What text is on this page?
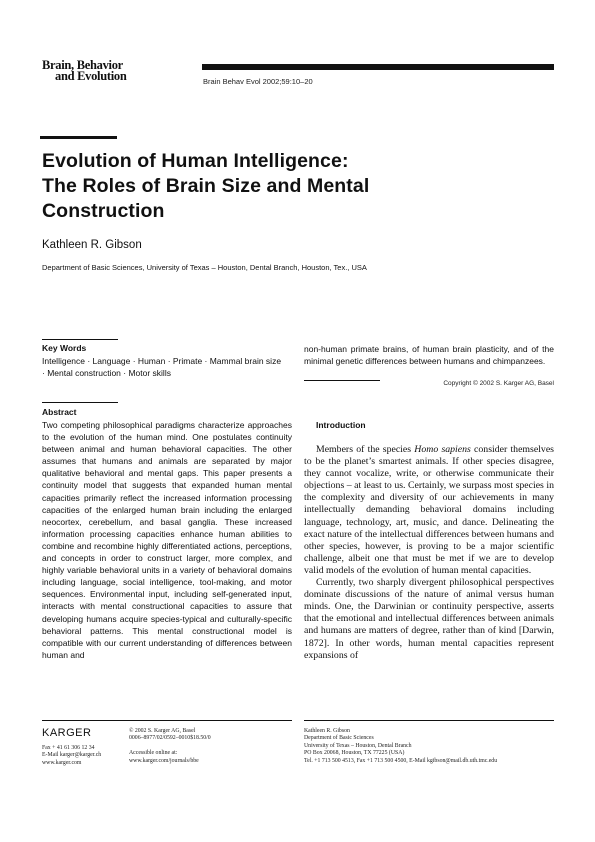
Brain, Behavior
and Evolution	Brain Behav Evol 2002;59:10–20
Evolution of Human Intelligence:
The Roles of Brain Size and Mental
Construction
Kathleen R. Gibson
Department of Basic Sciences, University of Texas – Houston, Dental Branch, Houston, Tex., USA
Key Words
Intelligence · Language · Human · Primate · Mammal brain size · Mental construction · Motor skills
Abstract
Two competing philosophical paradigms characterize approaches to the evolution of the human mind. One postulates continuity between animal and human behavioral capacities. The other assumes that humans and animals are separated by major qualitative behavioral and mental gaps. This paper presents a continuity model that suggests that expanded human mental capacities primarily reflect the increased information processing capacities of the enlarged human brain including the enlarged neocortex, cerebellum, and basal ganglia. These increased information processing capacities enhance human abilities to combine and recombine highly differentiated actions, perceptions, and concepts in order to construct larger, more complex, and highly variable behavioral units in a variety of behavioral domains including language, social intelligence, tool-making, and motor sequences. Environmental input, including self-generated input, interacts with mental constructional capacities to assure that developing humans acquire species-typical and culturally-specific behavioral patterns. This mental constructional model is compatible with our current understanding of differences between human and
non-human primate brains, of human brain plasticity, and of the minimal genetic differences between humans and chimpanzees.
Copyright © 2002 S. Karger AG, Basel
Introduction

Members of the species Homo sapiens consider themselves to be the planet’s smartest animals. If other species disagree, they cannot vocalize, write, or otherwise communicate their objections – at least to us. Certainly, we surpass most species in the complexity and diversity of our achievements in many intellectually demanding behavioral domains including language, technology, art, music, and dance. Delineating the exact nature of the intellectual differences between humans and other species, however, is proving to be a major scientific challenge, albeit one that must be met if we are to develop valid models of the evolution of human mental capacities.

Currently, two sharply divergent philosophical perspectives dominate discussions of the nature of animal versus human minds. One, the Darwinian or continuity perspective, asserts that the emotional and intellectual differences between animals and humans are matters of degree, rather than of kind [Darwin, 1872]. In other words, human mental capacities represent expansions of

KARGER
Fax + 41 61 306 12 34
E-Mail karger@karger.ch
www.karger.com
© 2002 S. Karger AG, Basel
0006–8977/02/0592–0010$18.50/0
Accessible online at:
www.karger.com/journals/bbe
Kathleen R. Gibson
Department of Basic Sciences
University of Texas – Houston, Dental Branch
PO Box 20068, Houston, TX 77225 (USA)
Tel. +1 713 500 4513, Fax +1 713 500 4500, E-Mail kgibson@mail.db.uth.tmc.edu
